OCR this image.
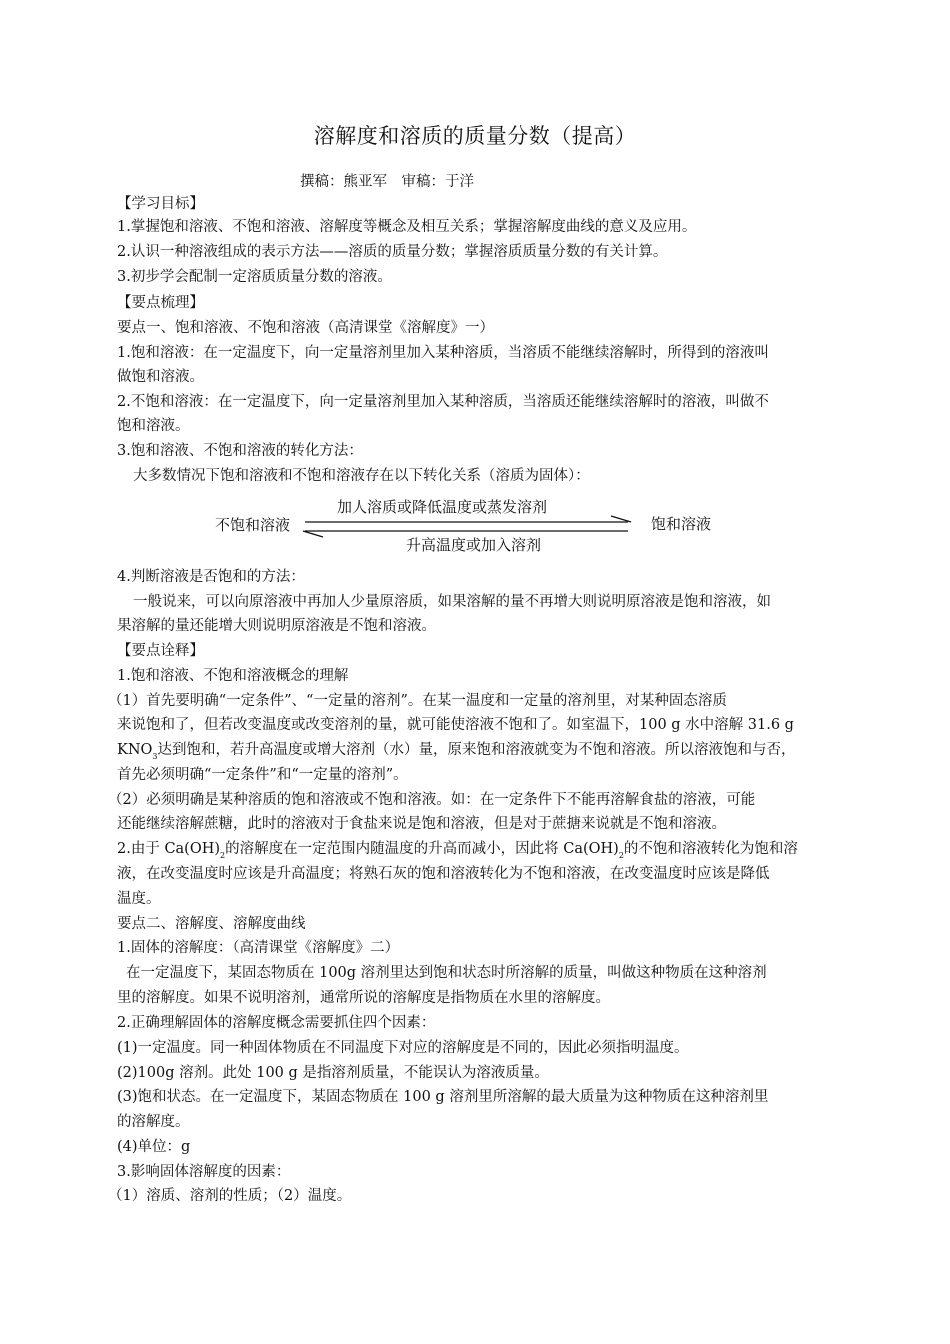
溶解度和溶质的质量分数（提高）
撰稿：熊亚军　审稿：于洋
【学习目标】
1.掌握饱和溶液、不饱和溶液、溶解度等概念及相互关系；掌握溶解度曲线的意义及应用。
2.认识一种溶液组成的表示方法——溶质的质量分数；掌握溶质质量分数的有关计算。
3.初步学会配制一定溶质质量分数的溶液。
【要点梳理】
要点一、饱和溶液、不饱和溶液（高清课堂《溶解度》一）
1.饱和溶液：在一定温度下，向一定量溶剂里加入某种溶质，当溶质不能继续溶解时，所得到的溶液叫
做饱和溶液。
2.不饱和溶液：在一定温度下，向一定量溶剂里加入某种溶质，当溶质还能继续溶解时的溶液，叫做不
饱和溶液。
3.饱和溶液、不饱和溶液的转化方法：
大多数情况下饱和溶液和不饱和溶液存在以下转化关系（溶质为固体）：
不饱和溶液
加人溶质或降低温度或蒸发溶剂
升高温度或加入溶剂
饱和溶液
4.判断溶液是否饱和的方法：
一般说来，可以向原溶液中再加人少量原溶质，如果溶解的量不再增大则说明原溶液是饱和溶液，如
果溶解的量还能增大则说明原溶液是不饱和溶液。
【要点诠释】
1.饱和溶液、不饱和溶液概念的理解
（1）首先要明确“一定条件”、“一定量的溶剂”。在某一温度和一定量的溶剂里，对某种固态溶质
来说饱和了，但若改变温度或改变溶剂的量，就可能使溶液不饱和了。如室温下，100 g 水中溶解 31.6 g
$KNO_3$达到饱和，若升高温度或增大溶剂（水）量，原来饱和溶液就变为不饱和溶液。所以溶液饱和与否，
首先必须明确“一定条件”和“一定量的溶剂”。
（2）必须明确是某种溶质的饱和溶液或不饱和溶液。如：在一定条件下不能再溶解食盐的溶液，可能
还能继续溶解蔗糖，此时的溶液对于食盐来说是饱和溶液，但是对于蔗搪来说就是不饱和溶液。
2.由于 $Ca(OH)_2$的溶解度在一定范围内随温度的升高而减小，因此将 $Ca(OH)_2$的不饱和溶液转化为饱和溶
液，在改变温度时应该是升高温度；将熟石灰的饱和溶液转化为不饱和溶液，在改变温度时应该是降低
温度。
要点二、溶解度、溶解度曲线
1.固体的溶解度：（高清课堂《溶解度》二）
在一定温度下，某固态物质在 100g 溶剂里达到饱和状态时所溶解的质量，叫做这种物质在这种溶剂
里的溶解度。如果不说明溶剂，通常所说的溶解度是指物质在水里的溶解度。
2.正确理解固体的溶解度概念需要抓住四个因素：
(1)一定温度。同一种固体物质在不同温度下对应的溶解度是不同的，因此必须指明温度。
(2)100g 溶剂。此处 100 g 是指溶剂质量，不能误认为溶液质量。
(3)饱和状态。在一定温度下，某固态物质在 100 g 溶剂里所溶解的最大质量为这种物质在这种溶剂里
的溶解度。
(4)单位：g
3.影响固体溶解度的因素：
（1）溶质、溶剂的性质；（2）温度。
